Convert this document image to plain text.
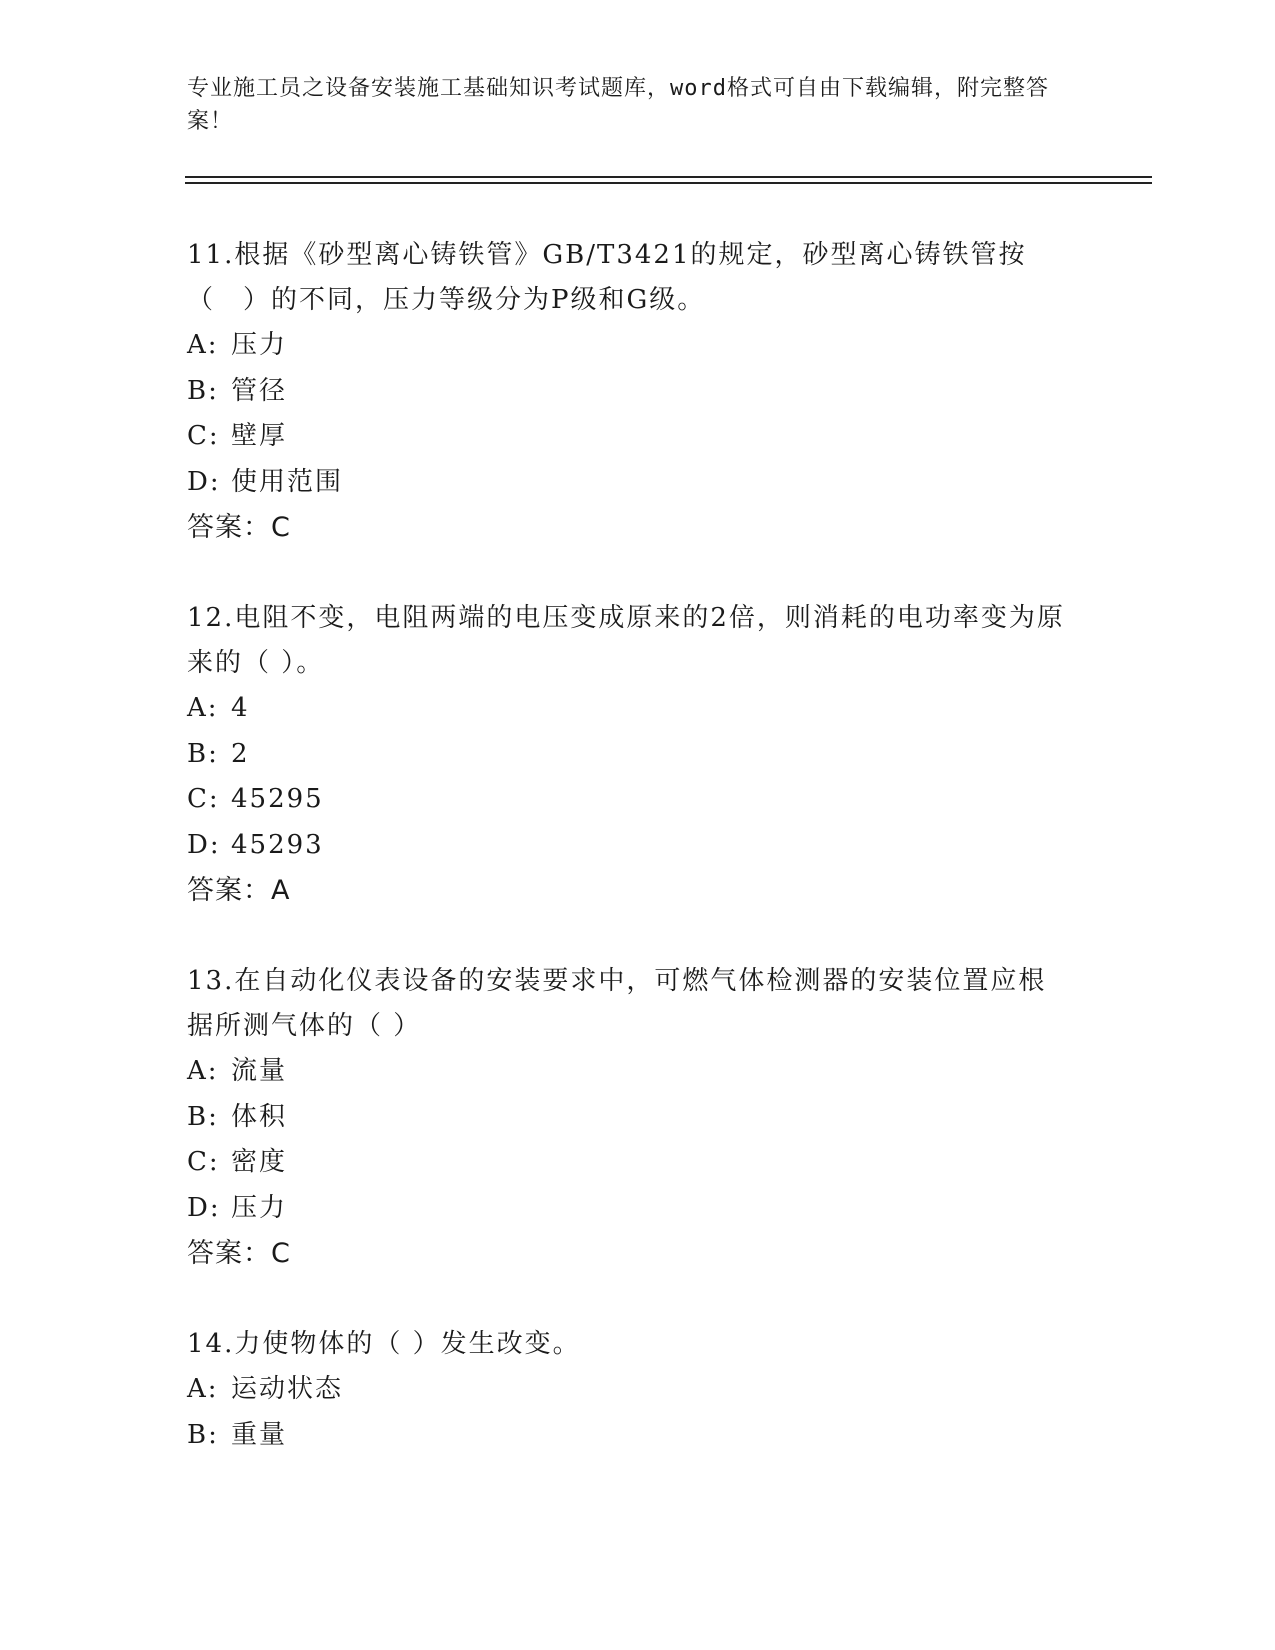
专业施工员之设备安装施工基础知识考试题库，word格式可自由下载编辑，附完整答案！

11.根据《砂型离心铸铁管》GB/T3421的规定，砂型离心铸铁管按（　）的不同，压力等级分为P级和G级。

A: 压力
B: 管径
C: 壁厚
D: 使用范围
答案：C

12.电阻不变，电阻两端的电压变成原来的2倍，则消耗的电功率变为原来的（ ）。

A: 4
B: 2
C: 45295
D: 45293
答案：A

13.在自动化仪表设备的安装要求中，可燃气体检测器的安装位置应根据所测气体的（ ）

A: 流量
B: 体积
C: 密度
D: 压力
答案：C

14.力使物体的（ ）发生改变。

A: 运动状态
B: 重量
